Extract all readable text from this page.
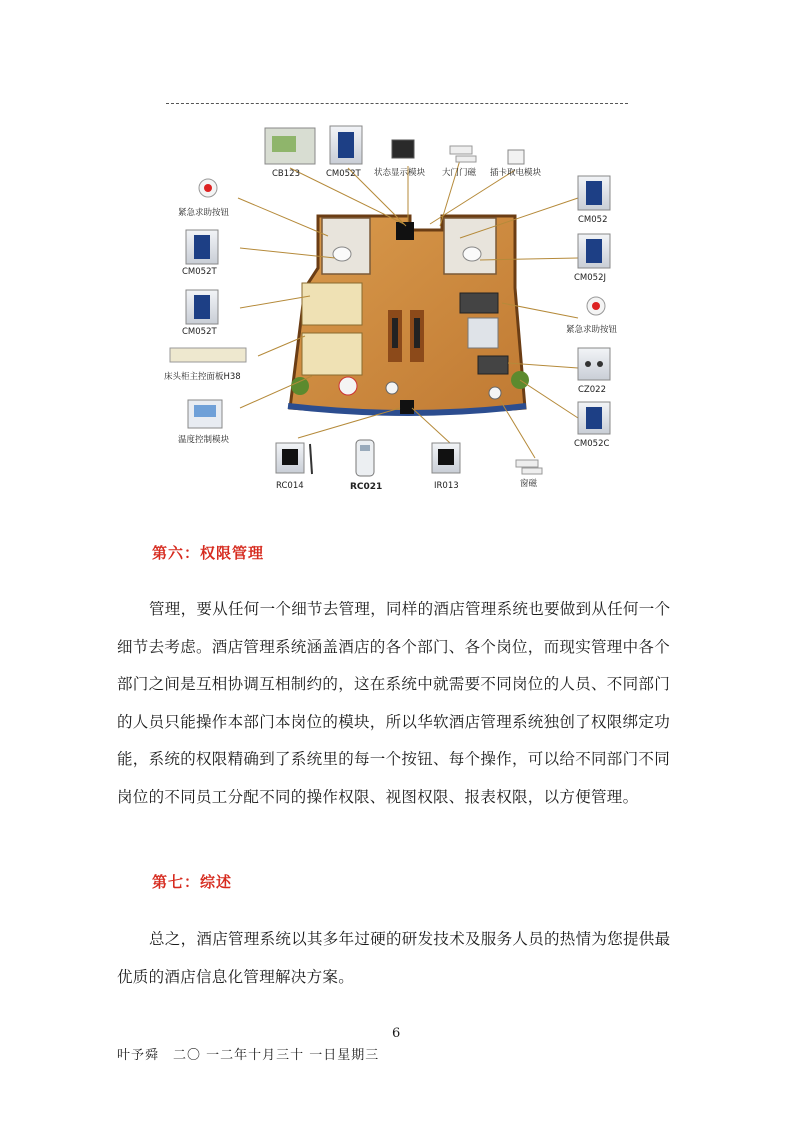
CB123	CM052T 状态显示模块 大门门磁 插卡取电模块
紧急求助按钮
CM052T
CM052T
床头柜主控面板H38
温度控制模块
RC014	RC021	IR013	窗磁
CM052
CM052J
紧急求助按钮
CZ022
CM052C
第六：权限管理
管理，要从任何一个细节去管理，同样的酒店管理系统也要做到从任何一个
细节去考虑。酒店管理系统涵盖酒店的各个部门、各个岗位，而现实管理中各个
部门之间是互相协调互相制约的，这在系统中就需要不同岗位的人员、不同部门
的人员只能操作本部门本岗位的模块，所以华软酒店管理系统独创了权限绑定功
能，系统的权限精确到了系统里的每一个按钮、每个操作，可以给不同部门不同
岗位的不同员工分配不同的操作权限、视图权限、报表权限，以方便管理。
第七：综述
总之，酒店管理系统以其多年过硬的研发技术及服务人员的热情为您提供最
优质的酒店信息化管理解决方案。
6
叶予舜　二〇 一二年十月三十 一日星期三
